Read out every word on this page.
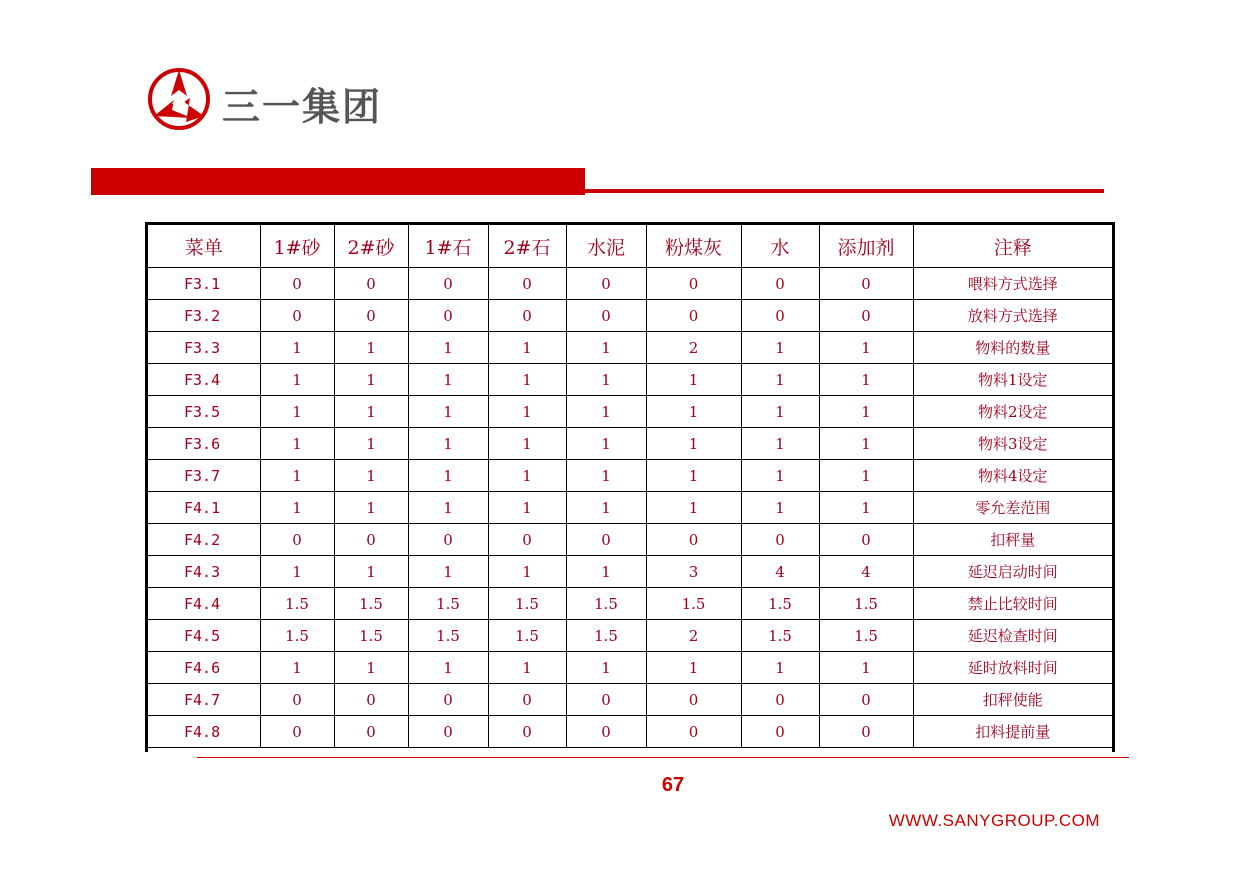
三一集团
菜单	1#砂	2#砂	1#石	2#石	水泥	粉煤灰	水	添加剂	注释
F3.1	0	0	0	0	0	0	0	0	喂料方式选择
F3.2	0	0	0	0	0	0	0	0	放料方式选择
F3.3	1	1	1	1	1	2	1	1	物料的数量
F3.4	1	1	1	1	1	1	1	1	物料1设定
F3.5	1	1	1	1	1	1	1	1	物料2设定
F3.6	1	1	1	1	1	1	1	1	物料3设定
F3.7	1	1	1	1	1	1	1	1	物料4设定
F4.1	1	1	1	1	1	1	1	1	零允差范围
F4.2	0	0	0	0	0	0	0	0	扣秤量
F4.3	1	1	1	1	1	3	4	4	延迟启动时间
F4.4	1.5	1.5	1.5	1.5	1.5	1.5	1.5	1.5	禁止比较时间
F4.5	1.5	1.5	1.5	1.5	1.5	2	1.5	1.5	延迟检查时间
F4.6	1	1	1	1	1	1	1	1	延时放料时间
F4.7	0	0	0	0	0	0	0	0	扣秤使能
F4.8	0	0	0	0	0	0	0	0	扣料提前量
67
WWW.SANYGROUP.COM
